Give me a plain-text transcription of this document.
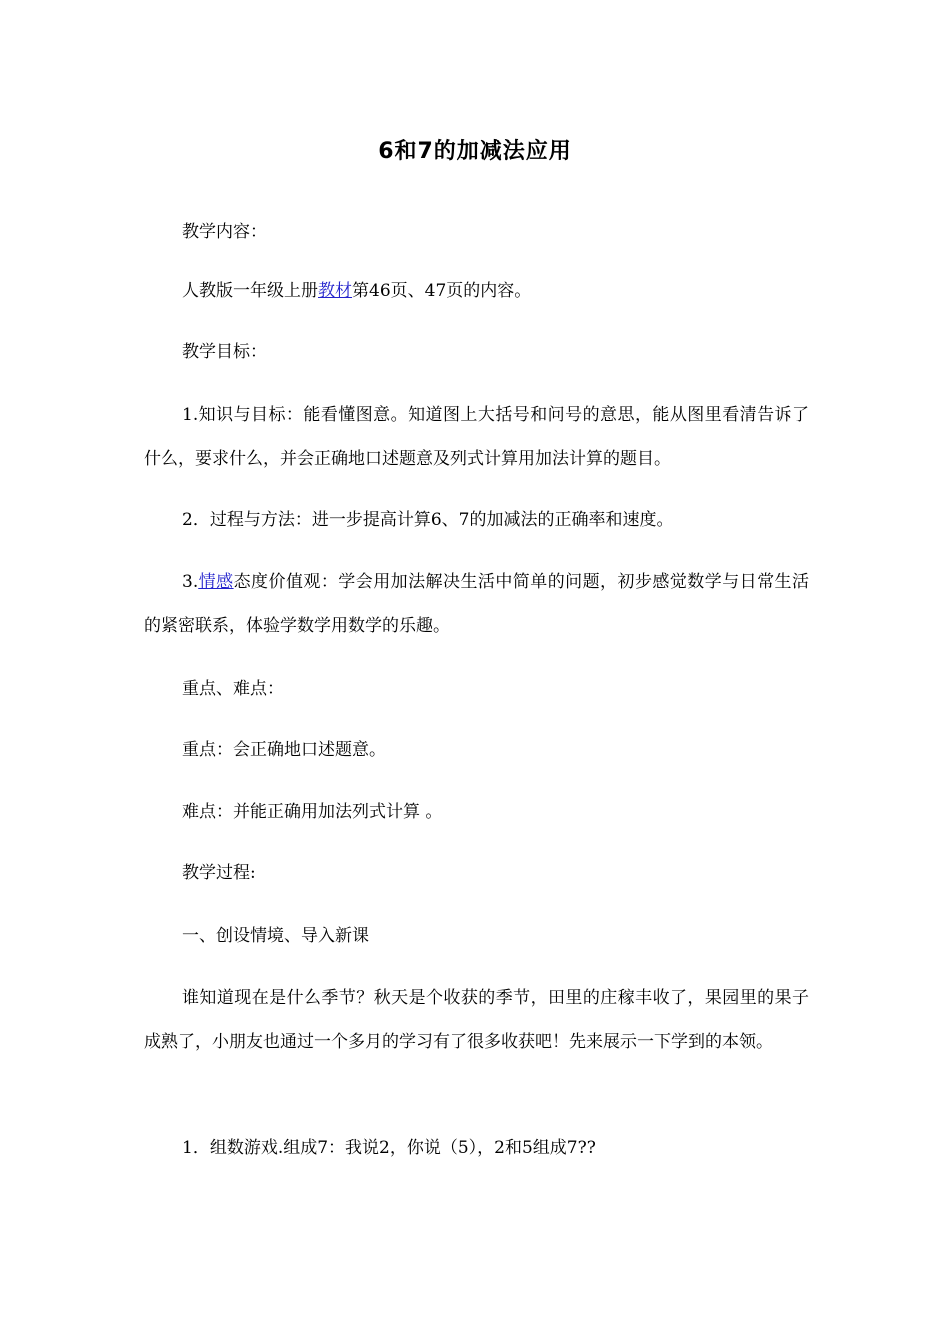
6和7的加减法应用

教学内容：

人教版一年级上册教材第46页、47页的内容。

教学目标：

1.知识与目标：能看懂图意。知道图上大括号和问号的意思，能从图里看清告诉了什么，要求什么，并会正确地口述题意及列式计算用加法计算的题目。

2．过程与方法：进一步提高计算6、7的加减法的正确率和速度。

3.情感态度价值观：学会用加法解决生活中简单的问题，初步感觉数学与日常生活的紧密联系，体验学数学用数学的乐趣。

重点、难点：

重点：会正确地口述题意。

难点：并能正确用加法列式计算 。

教学过程:

一、创设情境、导入新课

谁知道现在是什么季节？秋天是个收获的季节，田里的庄稼丰收了，果园里的果子成熟了，小朋友也通过一个多月的学习有了很多收获吧！先来展示一下学到的本领。

1．组数游戏.组成7：我说2，你说（5），2和5组成7??
